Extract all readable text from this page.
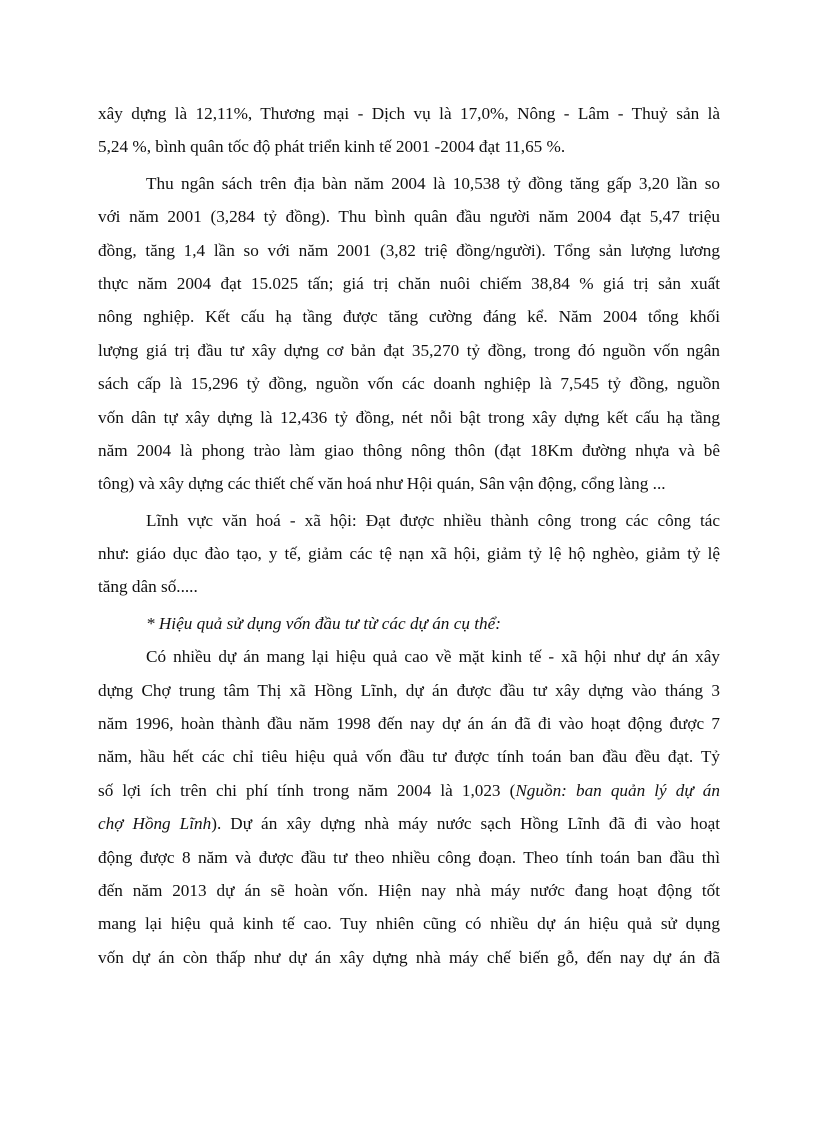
xây dựng là 12,11%, Thương mại - Dịch vụ là 17,0%, Nông - Lâm - Thuỷ sản là
5,24 %, bình quân tốc độ phát triển kinh tế 2001 -2004 đạt 11,65 %.
Thu ngân sách trên địa bàn năm 2004 là 10,538 tỷ đồng tăng gấp 3,20 lần so
với năm 2001 (3,284 tỷ đồng). Thu bình quân đầu người năm 2004 đạt 5,47 triệu
đồng, tăng 1,4 lần so với năm 2001 (3,82 triệ đồng/người). Tổng sản lượng lương
thực năm 2004 đạt 15.025 tấn; giá trị chăn nuôi chiếm 38,84 % giá trị sản xuất
nông nghiệp. Kết cấu hạ tầng được tăng cường đáng kể. Năm 2004 tổng khối
lượng giá trị đầu tư xây dựng cơ bản đạt 35,270 tỷ đồng, trong đó nguồn vốn ngân
sách cấp là 15,296 tỷ đồng, nguồn vốn các doanh nghiệp là 7,545 tỷ đồng, nguồn
vốn dân tự xây dựng là 12,436 tỷ đồng, nét nỗi bật trong xây dựng kết cấu hạ tầng
năm 2004 là phong trào làm giao thông nông thôn (đạt 18Km đường nhựa và bê
tông) và xây dựng các thiết chế văn hoá như Hội quán, Sân vận động, cổng làng ...
Lĩnh vực văn hoá - xã hội: Đạt được nhiều thành công trong các công tác
như: giáo dục đào tạo, y tế, giảm các tệ nạn xã hội, giảm tỷ lệ hộ nghèo, giảm tỷ lệ
tăng dân số.....
* Hiệu quả sử dụng vốn đầu tư từ các dự án cụ thể:
Có nhiều dự án mang lại hiệu quả cao về mặt kinh tế - xã hội như dự án xây
dựng Chợ trung tâm Thị xã Hồng Lĩnh, dự án được đầu tư xây dựng vào tháng 3
năm 1996, hoàn thành đầu năm 1998 đến nay dự án án đã đi vào hoạt động được 7
năm, hầu hết các chỉ tiêu hiệu quả vốn đầu tư được tính toán ban đầu đều đạt. Tỷ
số lợi ích trên chi phí tính trong năm 2004 là 1,023 (Nguồn: ban quản lý dự án
chợ Hồng Lĩnh). Dự án xây dựng nhà máy nước sạch Hồng Lĩnh đã đi vào hoạt
động được 8 năm và được đầu tư theo nhiều công đoạn. Theo tính toán ban đầu thì
đến năm 2013 dự án sẽ hoàn vốn. Hiện nay nhà máy nước đang hoạt động tốt
mang lại hiệu quả kinh tế cao. Tuy nhiên cũng có nhiều dự án hiệu quả sử dụng
vốn dự án còn thấp như dự án xây dựng nhà máy chế biến gỗ, đến nay dự án đã
